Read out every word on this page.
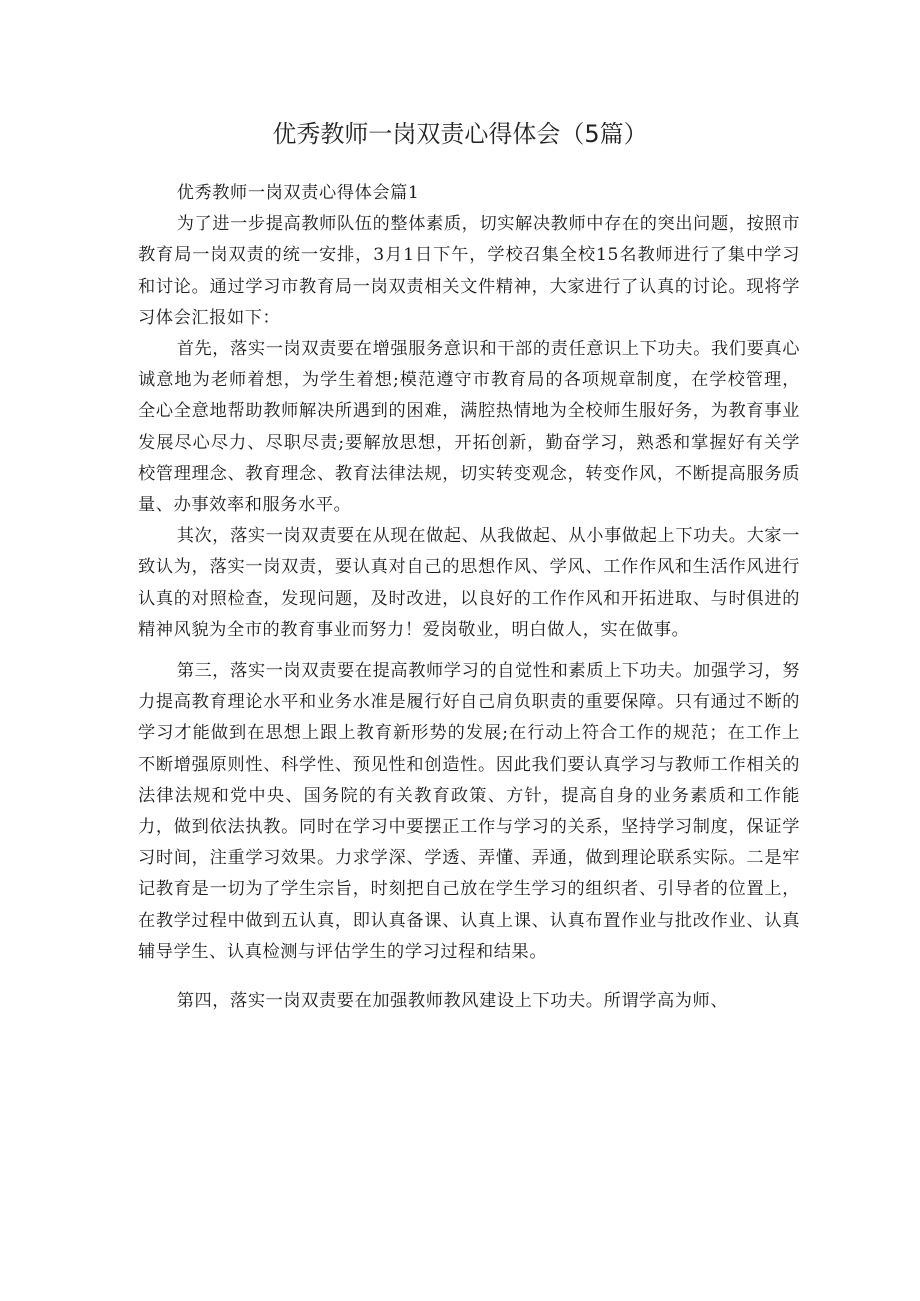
优秀教师一岗双责心得体会（5篇）

优秀教师一岗双责心得体会篇1

为了进一步提高教师队伍的整体素质，切实解决教师中存在的突出问题，按照市教育局一岗双责的统一安排，3月1日下午，学校召集全校15名教师进行了集中学习和讨论。通过学习市教育局一岗双责相关文件精神，大家进行了认真的讨论。现将学习体会汇报如下：

首先，落实一岗双责要在增强服务意识和干部的责任意识上下功夫。我们要真心诚意地为老师着想，为学生着想;模范遵守市教育局的各项规章制度，在学校管理，全心全意地帮助教师解决所遇到的困难，满腔热情地为全校师生服好务，为教育事业发展尽心尽力、尽职尽责;要解放思想，开拓创新，勤奋学习，熟悉和掌握好有关学校管理理念、教育理念、教育法律法规，切实转变观念，转变作风，不断提高服务质量、办事效率和服务水平。

其次，落实一岗双责要在从现在做起、从我做起、从小事做起上下功夫。大家一致认为，落实一岗双责，要认真对自己的思想作风、学风、工作作风和生活作风进行认真的对照检查，发现问题，及时改进，以良好的工作作风和开拓进取、与时俱进的精神风貌为全市的教育事业而努力！爱岗敬业，明白做人，实在做事。

第三，落实一岗双责要在提高教师学习的自觉性和素质上下功夫。加强学习，努力提高教育理论水平和业务水准是履行好自己肩负职责的重要保障。只有通过不断的学习才能做到在思想上跟上教育新形势的发展;在行动上符合工作的规范；在工作上不断增强原则性、科学性、预见性和创造性。因此我们要认真学习与教师工作相关的法律法规和党中央、国务院的有关教育政策、方针，提高自身的业务素质和工作能力，做到依法执教。同时在学习中要摆正工作与学习的关系，坚持学习制度，保证学习时间，注重学习效果。力求学深、学透、弄懂、弄通，做到理论联系实际。二是牢记教育是一切为了学生宗旨，时刻把自己放在学生学习的组织者、引导者的位置上，在教学过程中做到五认真，即认真备课、认真上课、认真布置作业与批改作业、认真辅导学生、认真检测与评估学生的学习过程和结果。

第四，落实一岗双责要在加强教师教风建设上下功夫。所谓学高为师、
